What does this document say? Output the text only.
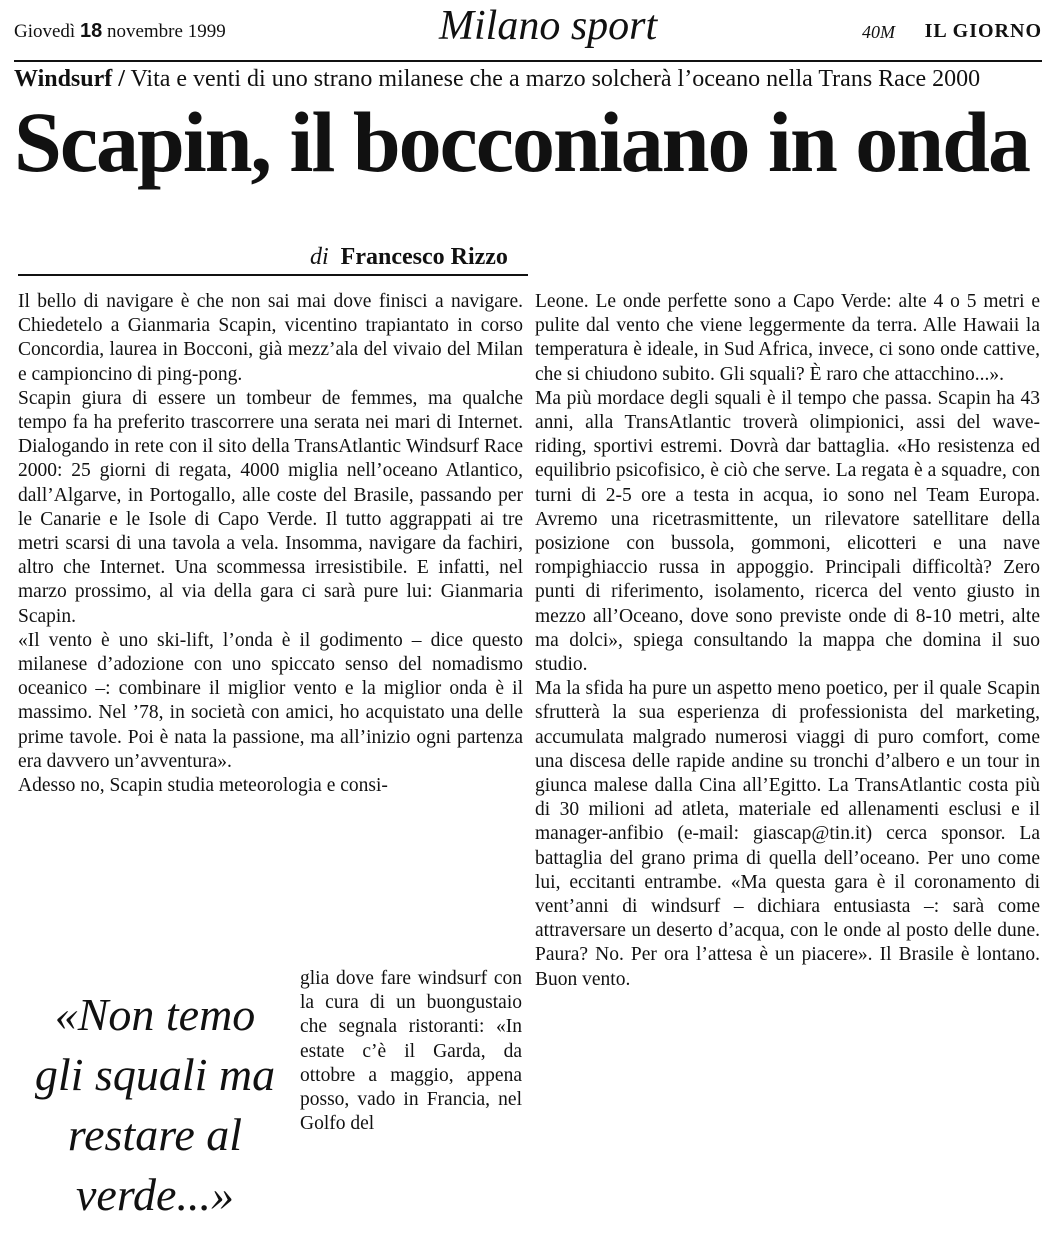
Giovedì 18 novembre 1999	Milano sport	40M IL GIORNO
Windsurf / Vita e venti di uno strano milanese che a marzo solcherà l’oceano nella Trans Race 2000
Scapin, il bocconiano in onda
di Francesco Rizzo

Il bello di navigare è che non sai mai dove finisci a navigare. Chiedetelo a Gianmaria Scapin, vicentino trapiantato in corso Concordia, laurea in Bocconi, già mezz’ala del vivaio del Milan e campioncino di ping-pong.

Scapin giura di essere un tombeur de femmes, ma qualche tempo fa ha preferito trascorrere una serata nei mari di Internet. Dialogando in rete con il sito della TransAtlantic Windsurf Race 2000: 25 giorni di regata, 4000 miglia nell’oceano Atlantico, dall’Algarve, in Portogallo, alle coste del Brasile, passando per le Canarie e le Isole di Capo Verde. Il tutto aggrappati ai tre metri scarsi di una tavola a vela. Insomma, navigare da fachiri, altro che Internet. Una scommessa irresistibile. E infatti, nel marzo prossimo, al via della gara ci sarà pure lui: Gianmaria Scapin.

«Il vento è uno ski-lift, l’onda è il godimento – dice questo milanese d’adozione con uno spiccato senso del nomadismo oceanico –: combinare il miglior vento e la miglior onda è il massimo. Nel ’78, in società con amici, ho acquistato una delle prime tavole. Poi è nata la passione, ma all’inizio ogni partenza era davvero un’avventura».

Adesso no, Scapin studia meteorologia e consi-

«Non temo gli squali ma restare al verde...»

glia dove fare windsurf con la cura di un buongustaio che segnala ristoranti: «In estate c’è il Garda, da ottobre a maggio, appena posso, vado in Francia, nel Golfo del

Leone. Le onde perfette sono a Capo Verde: alte 4 o 5 metri e pulite dal vento che viene leggermente da terra. Alle Hawaii la temperatura è ideale, in Sud Africa, invece, ci sono onde cattive, che si chiudono subito. Gli squali? È raro che attacchino...».

Ma più mordace degli squali è il tempo che passa. Scapin ha 43 anni, alla TransAtlantic troverà olimpionici, assi del wave-riding, sportivi estremi. Dovrà dar battaglia. «Ho resistenza ed equilibrio psicofisico, è ciò che serve. La regata è a squadre, con turni di 2-5 ore a testa in acqua, io sono nel Team Europa. Avremo una ricetrasmittente, un rilevatore satellitare della posizione con bussola, gommoni, elicotteri e una nave rompighiaccio russa in appoggio. Principali difficoltà? Zero punti di riferimento, isolamento, ricerca del vento giusto in mezzo all’Oceano, dove sono previste onde di 8-10 metri, alte ma dolci», spiega consultando la mappa che domina il suo studio.

Ma la sfida ha pure un aspetto meno poetico, per il quale Scapin sfrutterà la sua esperienza di professionista del marketing, accumulata malgrado numerosi viaggi di puro comfort, come una discesa delle rapide andine su tronchi d’albero e un tour in giunca malese dalla Cina all’Egitto. La TransAtlantic costa più di 30 milioni ad atleta, materiale ed allenamenti esclusi e il manager-anfibio (e-mail: giascap@tin.it) cerca sponsor. La battaglia del grano prima di quella dell’oceano. Per uno come lui, eccitanti entrambe. «Ma questa gara è il coronamento di vent’anni di windsurf – dichiara entusiasta –: sarà come attraversare un deserto d’acqua, con le onde al posto delle dune. Paura? No. Per ora l’attesa è un piacere». Il Brasile è lontano. Buon vento.
